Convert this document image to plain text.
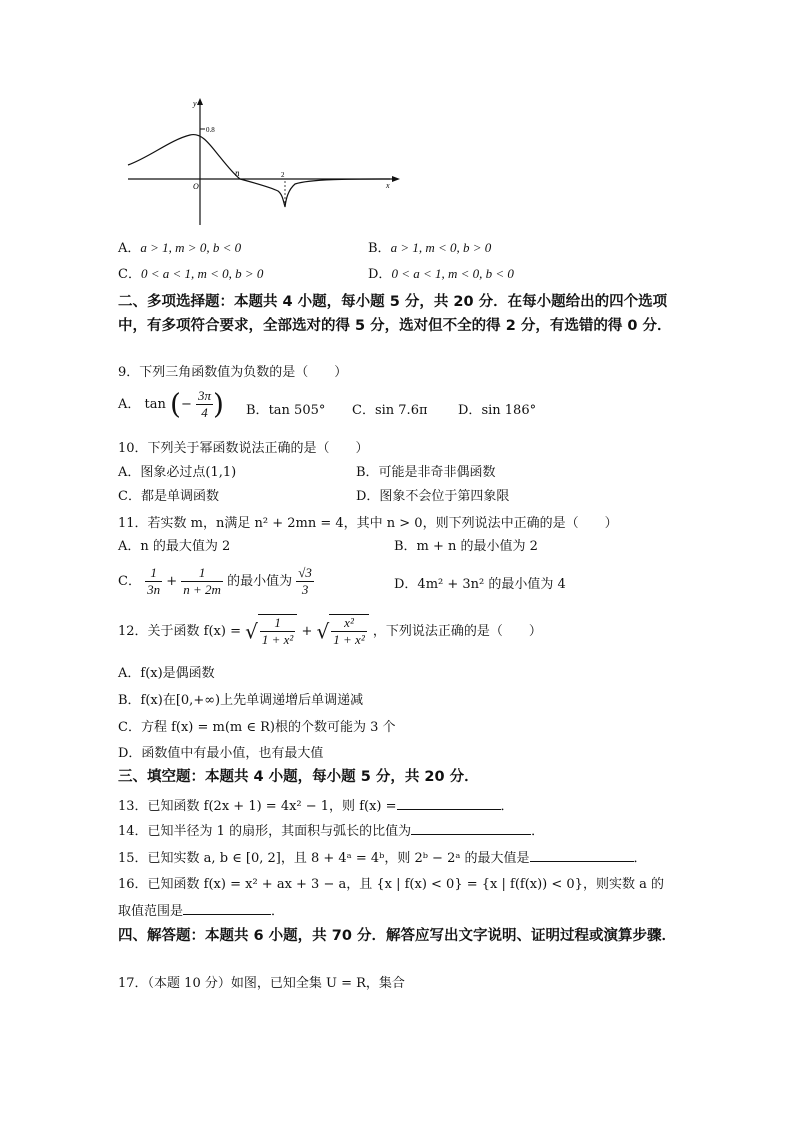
y
0.8
O
n	2
x
A．a > 1, m > 0, b < 0	B．a > 1, m < 0, b > 0
C．0 < a < 1, m < 0, b > 0	D．0 < a < 1, m < 0, b < 0
二、多项选择题：本题共 4 小题，每小题 5 分，共 20 分．在每小题给出的四个选项中，有多项符合要求，全部选对的得 5 分，选对但不全的得 2 分，有选错的得 0 分．
9．下列三角函数值为负数的是（　　）
A． tan (− $\frac{3\pi}{4}$ ) B．tan 505° C．sin 7.6π D．sin 186°
10．下列关于幂函数说法正确的是（　　）
A．图象必过点(1,1)	B．可能是非奇非偶函数
C．都是单调函数	D．图象不会位于第四象限
11．若实数 m，n满足 n² + 2mn = 4，其中 n > 0，则下列说法中正确的是（　　）
A．n 的最大值为 2	B．m + n 的最小值为 2
C． $\frac{1}{3n} + \frac{1}{n + 2m}$ 的最小值为 $\frac{√3}{3}$	D．4m² + 3n² 的最小值为 4
12．关于函数 f(x) = √ $\frac{1}{\text{1 + x²}}$ + √ $\frac{\text{x²}}{\text{1 + x²}}$ ，下列说法正确的是（　　）
A．f(x)是偶函数
B．f(x)在[0,+∞)上先单调递增后单调递减
C．方程 f(x) = m(m ∈ R)根的个数可能为 3 个
D．函数值中有最小值，也有最大值
三、填空题：本题共 4 小题，每小题 5 分，共 20 分．
13．已知函数 f(2x + 1) = 4x² − 1，则 f(x) =	．
14．已知半径为 1 的扇形，其面积与弧长的比值为	．
15．已知实数 a, b ∈ [0, 2]，且 8 + 4ᵃ = 4ᵇ，则 2ᵇ − 2ᵃ 的最大值是	．
16．已知函数 f(x) = x² + ax + 3 − a，且 {x | f(x) < 0} = {x | f(f(x)) < 0}，则实数 a 的
取值范围是	．
四、解答题：本题共 6 小题，共 70 分．解答应写出文字说明、证明过程或演算步骤．
17．（本题 10 分）如图，已知全集 U = R，集合
